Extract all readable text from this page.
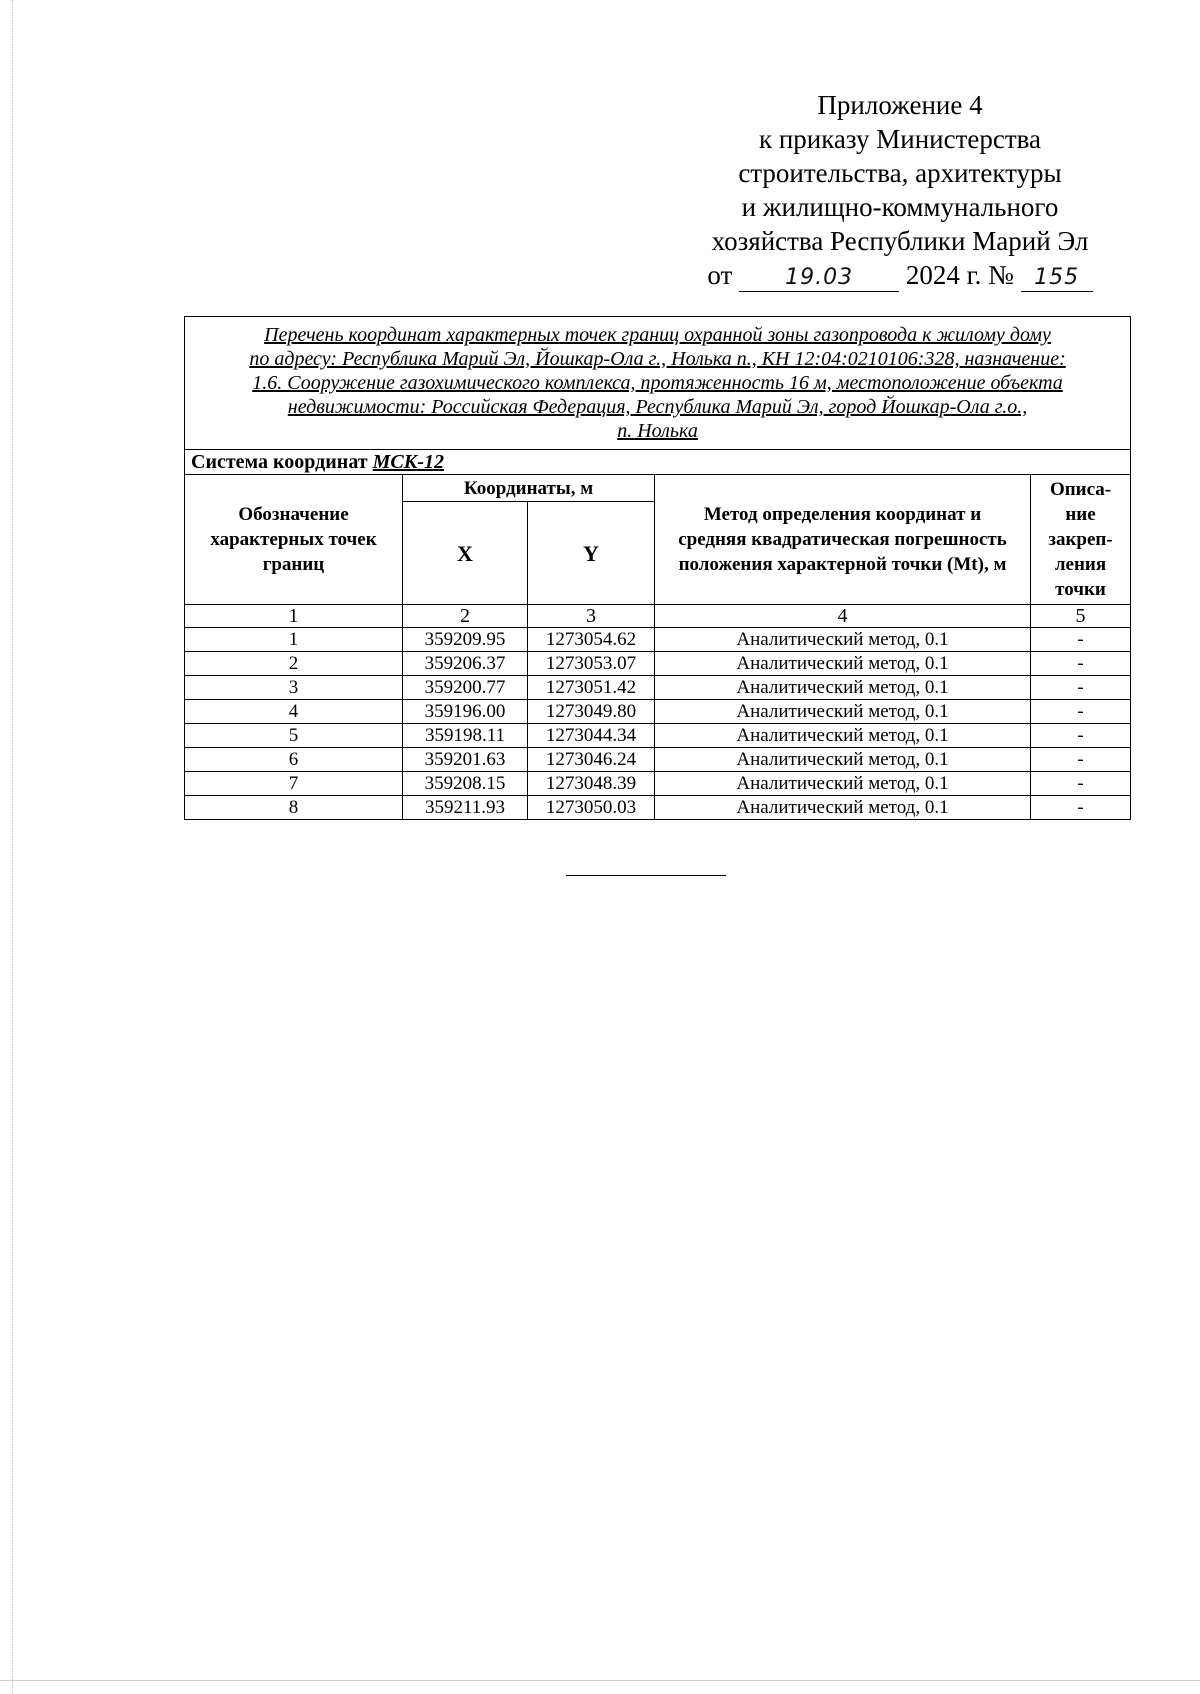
Приложение 4
к приказу Министерства
строительства, архитектуры
и жилищно-коммунального
хозяйства Республики Марий Эл
от 19.03 2024 г. № 155
Перечень координат характерных точек границ охранной зоны газопровода к жилому дому
по адресу: Республика Марий Эл, Йошкар-Ола г., Нолька п., КН 12:04:0210106:328, назначение:
1.6. Сооружение газохимического комплекса, протяженность 16 м, местоположение объекта
недвижимости: Российская Федерация, Республика Марий Эл, город Йошкар-Ола г.о.,
п. Нолька				

Система координат МСК-12				
Обозначение характерных точек границ	Координаты, м		Метод определения координат и средняя квадратическая погрешность положения характерной точки (Mt), м	Описа-ние закреп-ления точки
	X	Y		
1	2	3	4	5
1	359209.95	1273054.62	Аналитический метод, 0.1	-
2	359206.37	1273053.07	Аналитический метод, 0.1	-
3	359200.77	1273051.42	Аналитический метод, 0.1	-
4	359196.00	1273049.80	Аналитический метод, 0.1	-
5	359198.11	1273044.34	Аналитический метод, 0.1	-
6	359201.63	1273046.24	Аналитический метод, 0.1	-
7	359208.15	1273048.39	Аналитический метод, 0.1	-
8	359211.93	1273050.03	Аналитический метод, 0.1	-
